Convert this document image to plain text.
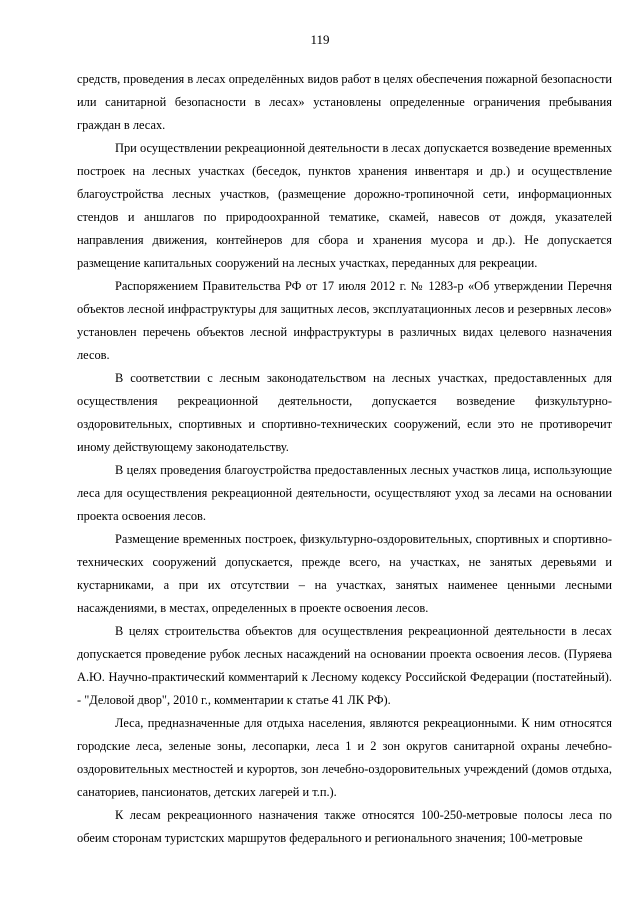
119

средств, проведения в лесах определённых видов работ в целях обеспечения пожарной безопасности или санитарной безопасности в лесах» установлены определенные ограничения пребывания граждан в лесах.

При осуществлении рекреационной деятельности в лесах допускается возведение временных построек на лесных участках (беседок, пунктов хранения инвентаря и др.) и осуществление благоустройства лесных участков, (размещение дорожно-тропиночной сети, информационных стендов и аншлагов по природоохранной тематике, скамей, навесов от дождя, указателей направления движения, контейнеров для сбора и хранения мусора и др.). Не допускается размещение капитальных сооружений на лесных участках, переданных для рекреации.

Распоряжением Правительства РФ от 17 июля 2012 г. № 1283-р «Об утверждении Перечня объектов лесной инфраструктуры для защитных лесов, эксплуатационных лесов и резервных лесов» установлен перечень объектов лесной инфраструктуры в различных видах целевого назначения лесов.

В соответствии с лесным законодательством на лесных участках, предоставленных для осуществления рекреационной деятельности, допускается возведение физкультурно-оздоровительных, спортивных и спортивно-технических сооружений, если это не противоречит иному действующему законодательству.

В целях проведения благоустройства предоставленных лесных участков лица, использующие леса для осуществления рекреационной деятельности, осуществляют уход за лесами на основании проекта освоения лесов.

Размещение временных построек, физкультурно-оздоровительных, спортивных и спортивно-технических сооружений допускается, прежде всего, на участках, не занятых деревьями и кустарниками, а при их отсутствии – на участках, занятых наименее ценными лесными насаждениями, в местах, определенных в проекте освоения лесов.

В целях строительства объектов для осуществления рекреационной деятельности в лесах допускается проведение рубок лесных насаждений на основании проекта освоения лесов. (Пуряева А.Ю. Научно-практический комментарий к Лесному кодексу Российской Федерации (постатейный). - "Деловой двор", 2010 г., комментарии к статье 41 ЛК РФ).

Леса, предназначенные для отдыха населения, являются рекреационными. К ним относятся городские леса, зеленые зоны, лесопарки, леса 1 и 2 зон округов санитарной охраны лечебно-оздоровительных местностей и курортов, зон лечебно-оздоровительных учреждений (домов отдыха, санаториев, пансионатов, детских лагерей и т.п.).

К лесам рекреационного назначения также относятся 100-250-метровые полосы леса по обеим сторонам туристских маршрутов федерального и регионального значения; 100-метровые
